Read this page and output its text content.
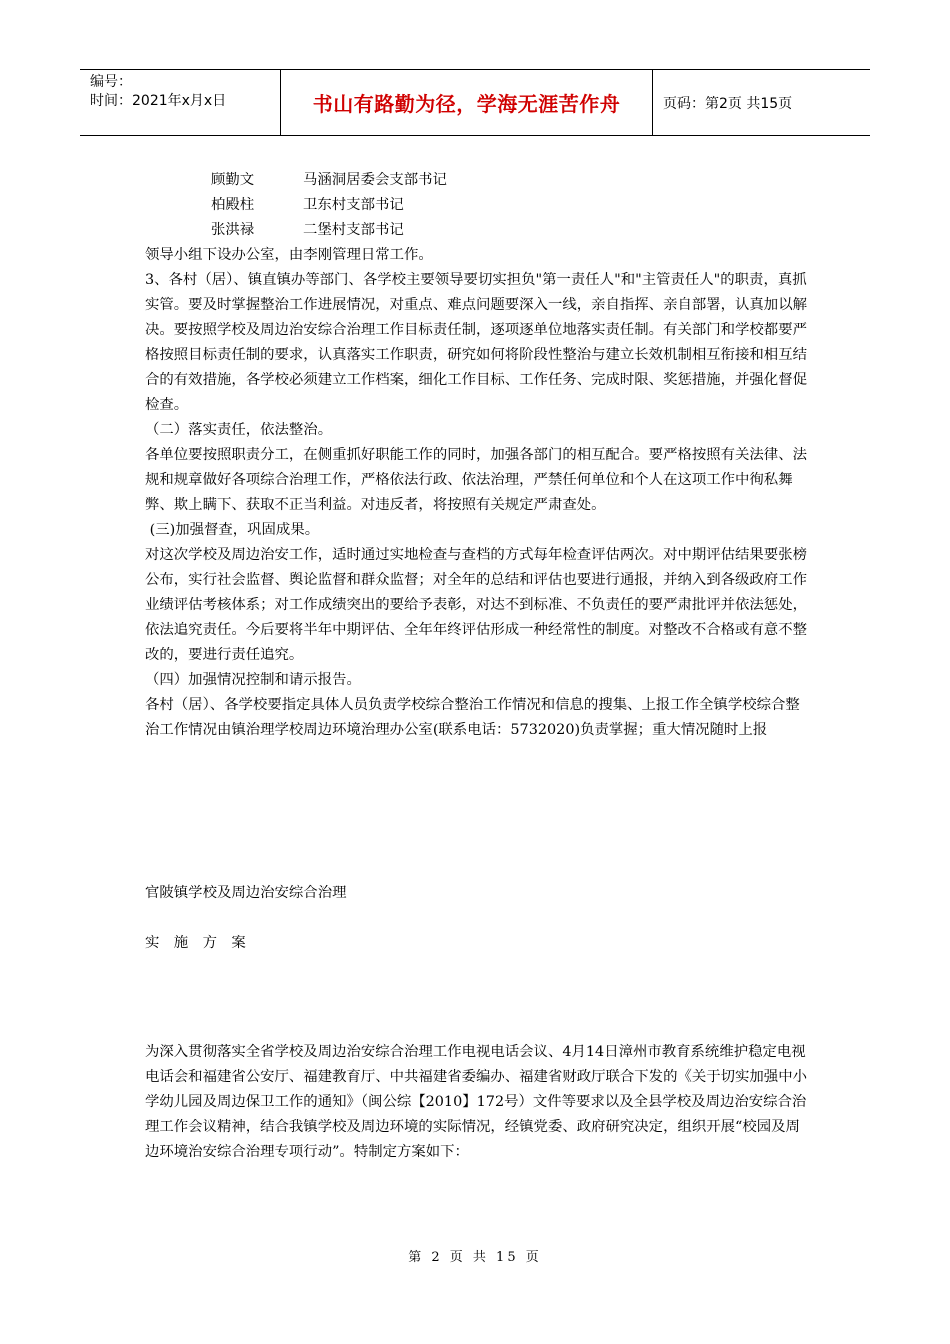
编号：
时间：2021年x月x日	书山有路勤为径，学海无涯苦作舟	页码：第2页 共15页
顾勤文	马涵洞居委会支部书记
柏殿柱	卫东村支部书记
张洪禄	二堡村支部书记

领导小组下设办公室，由李刚管理日常工作。

3、各村（居）、镇直镇办等部门、各学校主要领导要切实担负"第一责任人"和"主管责任人"的职责，真抓实管。要及时掌握整治工作进展情况，对重点、难点问题要深入一线，亲自指挥、亲自部署，认真加以解决。要按照学校及周边治安综合治理工作目标责任制，逐项逐单位地落实责任制。有关部门和学校都要严格按照目标责任制的要求，认真落实工作职责，研究如何将阶段性整治与建立长效机制相互衔接和相互结合的有效措施，各学校必须建立工作档案，细化工作目标、工作任务、完成时限、奖惩措施，并强化督促检查。

（二）落实责任，依法整治。

各单位要按照职责分工，在侧重抓好职能工作的同时，加强各部门的相互配合。要严格按照有关法律、法规和规章做好各项综合治理工作，严格依法行政、依法治理，严禁任何单位和个人在这项工作中徇私舞弊、欺上瞒下、获取不正当利益。对违反者，将按照有关规定严肃查处。

(三)加强督查，巩固成果。

对这次学校及周边治安工作，适时通过实地检查与查档的方式每年检查评估两次。对中期评估结果要张榜公布，实行社会监督、舆论监督和群众监督；对全年的总结和评估也要进行通报，并纳入到各级政府工作业绩评估考核体系；对工作成绩突出的要给予表彰，对达不到标准、不负责任的要严肃批评并依法惩处，依法追究责任。今后要将半年中期评估、全年年终评估形成一种经常性的制度。对整改不合格或有意不整改的，要进行责任追究。

（四）加强情况控制和请示报告。

各村（居）、各学校要指定具体人员负责学校综合整治工作情况和信息的搜集、上报工作全镇学校综合整治工作情况由镇治理学校周边环境治理办公室(联系电话：5732020)负责掌握；重大情况随时上报

官陂镇学校及周边治安综合治理

实　施　方　案

为深入贯彻落实全省学校及周边治安综合治理工作电视电话会议、4月14日漳州市教育系统维护稳定电视电话会和福建省公安厅、福建教育厅、中共福建省委编办、福建省财政厅联合下发的《关于切实加强中小学幼儿园及周边保卫工作的通知》（闽公综【2010】172号）文件等要求以及全县学校及周边治安综合治理工作会议精神，结合我镇学校及周边环境的实际情况，经镇党委、政府研究决定，组织开展“校园及周边环境治安综合治理专项行动”。特制定方案如下：

第 2 页 共 15 页
